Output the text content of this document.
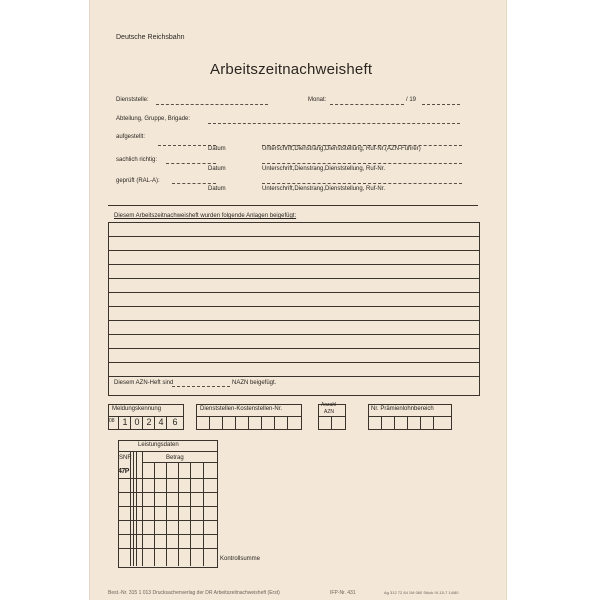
Deutsche Reichsbahn
Arbeitszeitnachweisheft
Dienststelle:	Monat:	/ 19
Abteilung, Gruppe, Brigade:
aufgestellt:
Datum	Unterschrift,Dienstrang,Dienststellung, Ruf-Nr.(AZN-Führer)
sachlich richtig:
Datum	Unterschrift,Dienstrang,Dienststellung, Ruf-Nr.
geprüft (RAL-A):
Datum	Unterschrift,Dienstrang,Dienststellung, Ruf-Nr.
Diesem Arbeitszeitnachweisheft wurden folgende Anlagen beigefügt:
Diesem AZN-Heft sind	NAZN beigefügt.
Meldungskennung
08 1 0 2 4 6
Dienststellen-Kostenstellen-Nr.
Anzahl
AZN	Nr. Prämienlohnbereich
Leistungsdaten
SNR	Betrag
47P
Kontrollsumme
Best.-Nr. 315 1 013 Drucksachenverlag der DR Arbeitszeitnachweisheft (Erst)	IFP-Nr. 431	Ag 312 72 84 1M 060 Stück IV-15-7 14/80
